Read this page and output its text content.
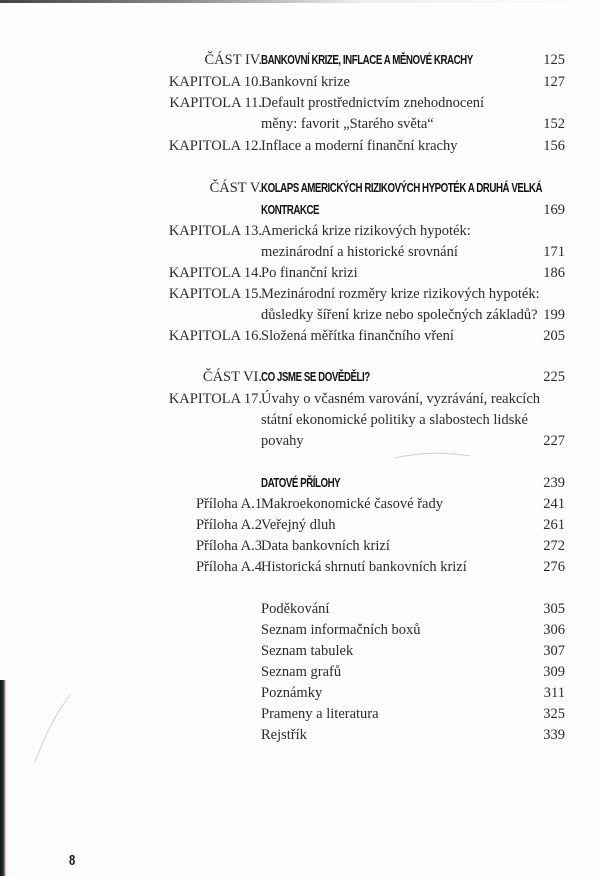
ČÁST IV. BANKOVNÍ KRIZE, INFLACE A MĚNOVÉ KRACHY	125
KAPITOLA 10. Bankovní krize	127
KAPITOLA 11. Default prostřednictvím znehodnocení
měny: favorit „Starého světa“	152
KAPITOLA 12. Inflace a moderní finanční krachy	156
ČÁST V. KOLAPS AMERICKÝCH RIZIKOVÝCH HYPOTÉK A DRUHÁ VELKÁ
KONTRAKCE	169
KAPITOLA 13. Americká krize rizikových hypoték:
mezinárodní a historické srovnání	171
KAPITOLA 14. Po finanční krizi	186
KAPITOLA 15. Mezinárodní rozměry krize rizikových hypoték:
důsledky šíření krize nebo společných základů? 199
KAPITOLA 16. Složená měřítka finančního vření	205
ČÁST VI. CO JSME SE DOVĚDĚLI?	225
KAPITOLA 17. Úvahy o včasném varování, vyzrávání, reakcích
státní ekonomické politiky a slabostech lidské
povahy	227
DATOVÉ PŘÍLOHY	239
Příloha A.1 Makroekonomické časové řady	241
Příloha A.2 Veřejný dluh	261
Příloha A.3 Data bankovních krizí	272
Příloha A.4 Historická shrnutí bankovních krizí	276
Poděkování	305
Seznam informačních boxů	306
Seznam tabulek	307
Seznam grafů	309
Poznámky	311
Prameny a literatura	325
Rejstřík	339
8
